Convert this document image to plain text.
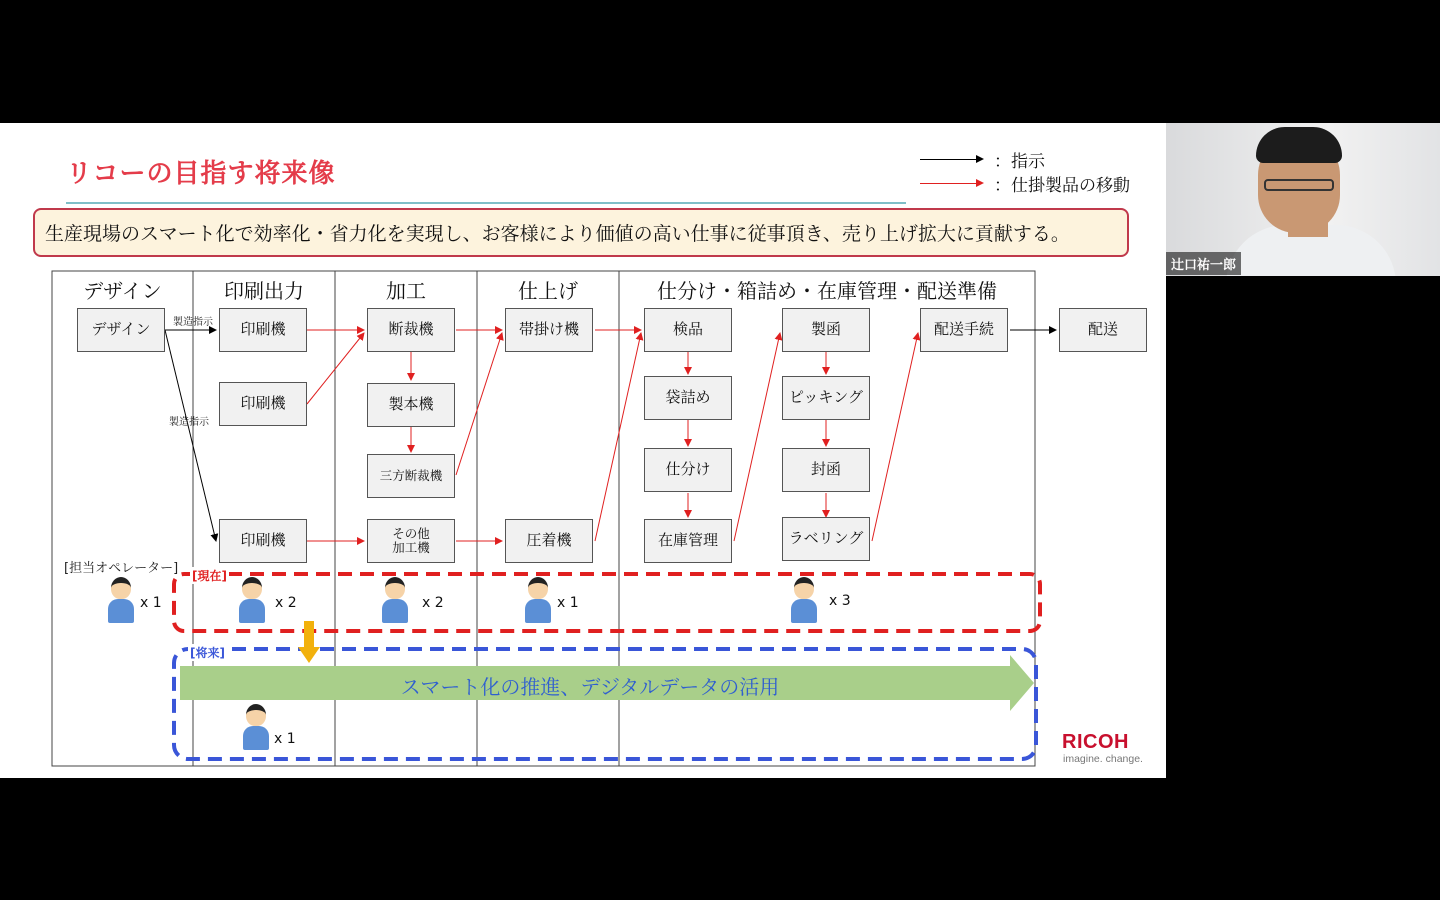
リコーの目指す将来像	：指示
：仕掛製品の移動
生産現場のスマート化で効率化・省力化を実現し、お客様により価値の高い仕事に従事頂き、売り上げ拡大に貢献する。
デザイン	印刷出力	加工	仕上げ	仕分け・箱詰め・在庫管理・配送準備
デザイン	印刷機
印刷機
印刷機
断裁機
製本機
三方断裁機
その他
加工機
帯掛け機
圧着機
検品
袋詰め
仕分け
在庫管理
製函
ピッキング
封函
ラベリング
配送手続	配送
製造指示
製造指示
[担当オペレーター] [現在]
[将来]
x 1	x 2	x 2	x 1	x 3
x 1
スマート化の推進、デジタルデータの活用
RICOH
imagine. change.
辻口祐一郎
